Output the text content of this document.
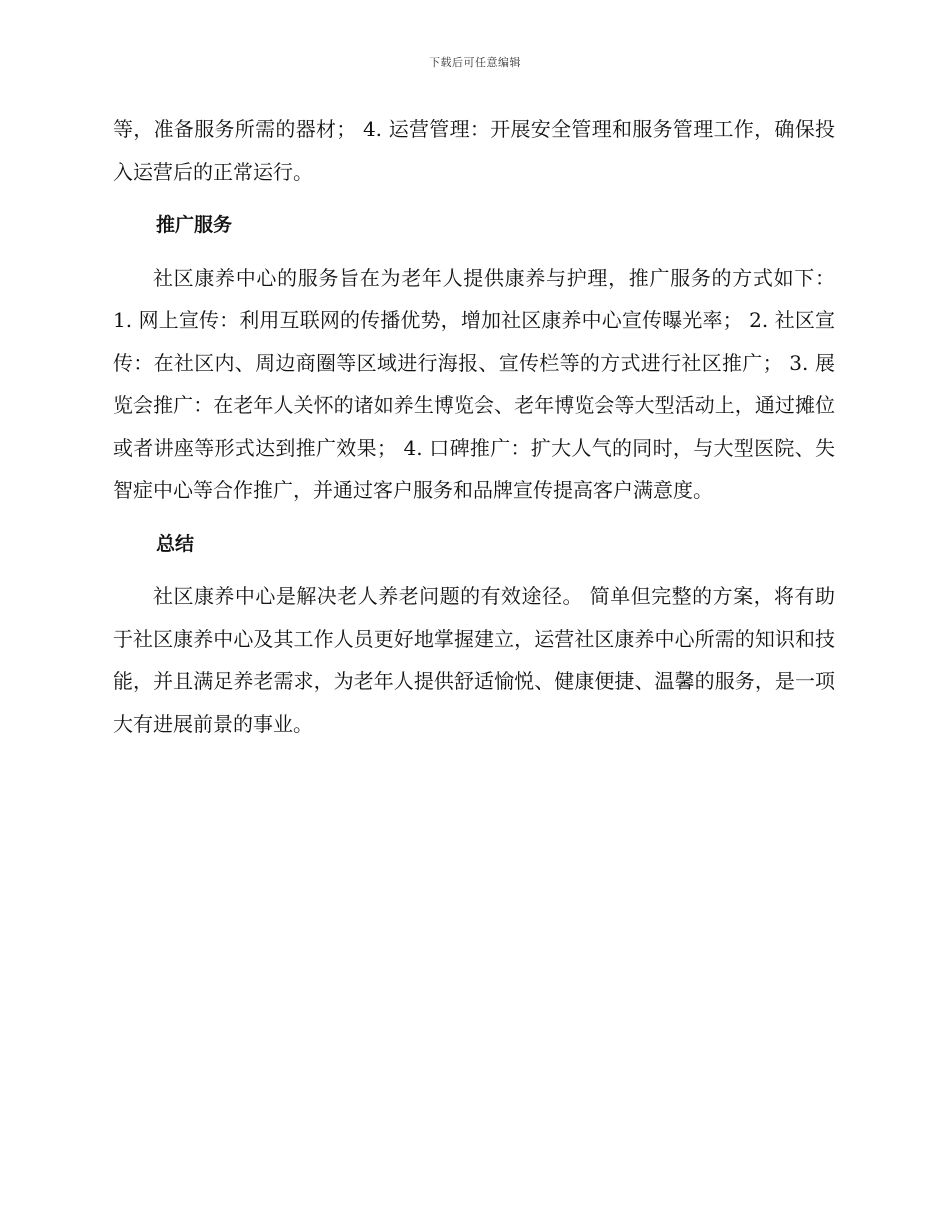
下载后可任意编辑

等，准备服务所需的器材； 4. 运营管理：开展安全管理和服务管理工作，确保投入运营后的正常运行。

推广服务

社区康养中心的服务旨在为老年人提供康养与护理，推广服务的方式如下： 1. 网上宣传：利用互联网的传播优势，增加社区康养中心宣传曝光率； 2. 社区宣传：在社区内、周边商圈等区域进行海报、宣传栏等的方式进行社区推广； 3. 展览会推广：在老年人关怀的诸如养生博览会、老年博览会等大型活动上，通过摊位或者讲座等形式达到推广效果； 4. 口碑推广：扩大人气的同时，与大型医院、失智症中心等合作推广，并通过客户服务和品牌宣传提高客户满意度。

总结

社区康养中心是解决老人养老问题的有效途径。 简单但完整的方案，将有助于社区康养中心及其工作人员更好地掌握建立，运营社区康养中心所需的知识和技能，并且满足养老需求，为老年人提供舒适愉悦、健康便捷、温馨的服务，是一项大有进展前景的事业。
